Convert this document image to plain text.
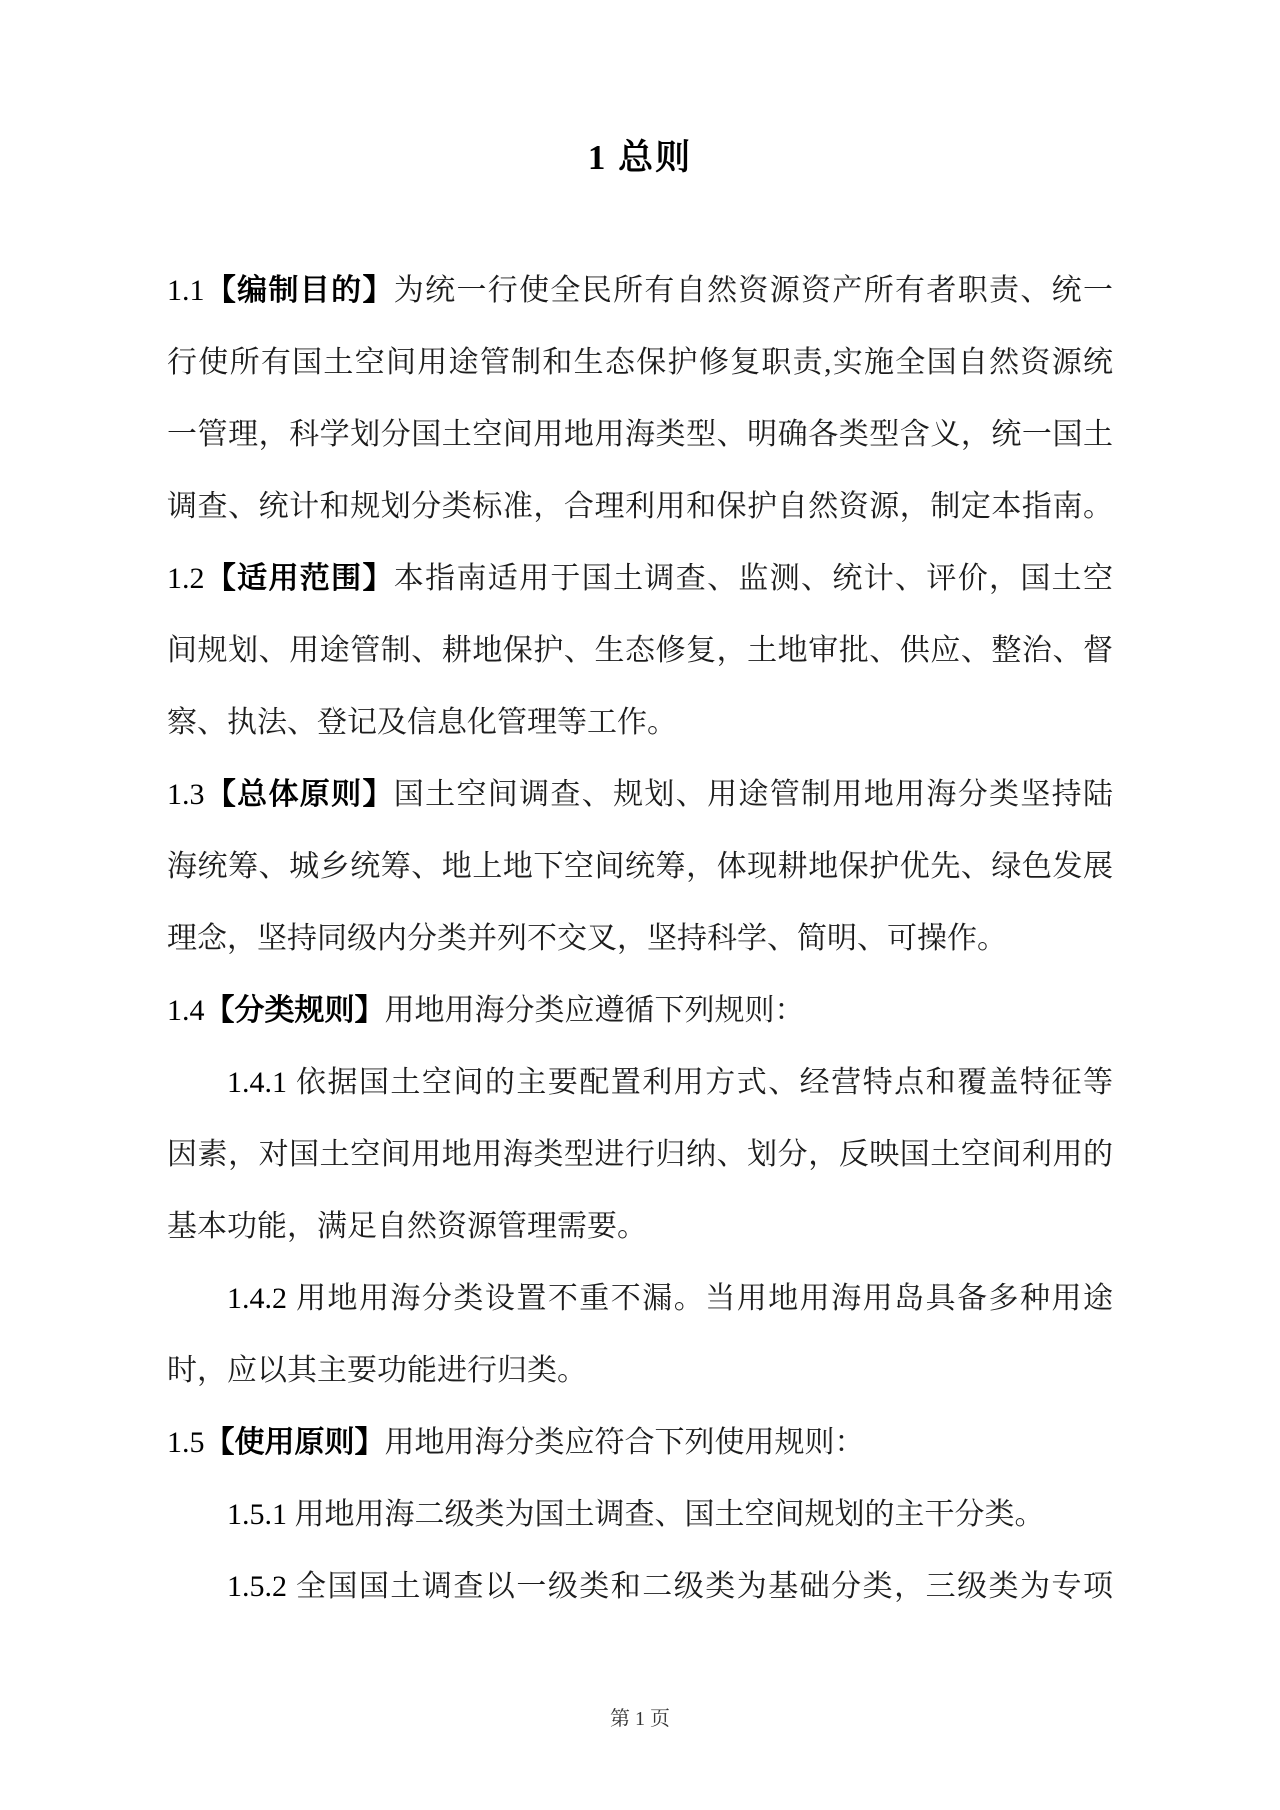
1 总则
1.1【编制目的】为统一行使全民所有自然资源资产所有者职责、统一
行使所有国土空间用途管制和生态保护修复职责,实施全国自然资源统
一管理，科学划分国土空间用地用海类型、明确各类型含义，统一国土
调查、统计和规划分类标准，合理利用和保护自然资源，制定本指南。
1.2【适用范围】本指南适用于国土调查、监测、统计、评价，国土空
间规划、用途管制、耕地保护、生态修复，土地审批、供应、整治、督
察、执法、登记及信息化管理等工作。
1.3【总体原则】国土空间调查、规划、用途管制用地用海分类坚持陆
海统筹、城乡统筹、地上地下空间统筹，体现耕地保护优先、绿色发展
理念，坚持同级内分类并列不交叉，坚持科学、简明、可操作。
1.4【分类规则】用地用海分类应遵循下列规则：
1.4.1 依据国土空间的主要配置利用方式、经营特点和覆盖特征等
因素，对国土空间用地用海类型进行归纳、划分，反映国土空间利用的
基本功能，满足自然资源管理需要。
1.4.2 用地用海分类设置不重不漏。当用地用海用岛具备多种用途
时，应以其主要功能进行归类。
1.5【使用原则】用地用海分类应符合下列使用规则：
1.5.1 用地用海二级类为国土调查、国土空间规划的主干分类。
1.5.2 全国国土调查以一级类和二级类为基础分类，三级类为专项
第 1 页
